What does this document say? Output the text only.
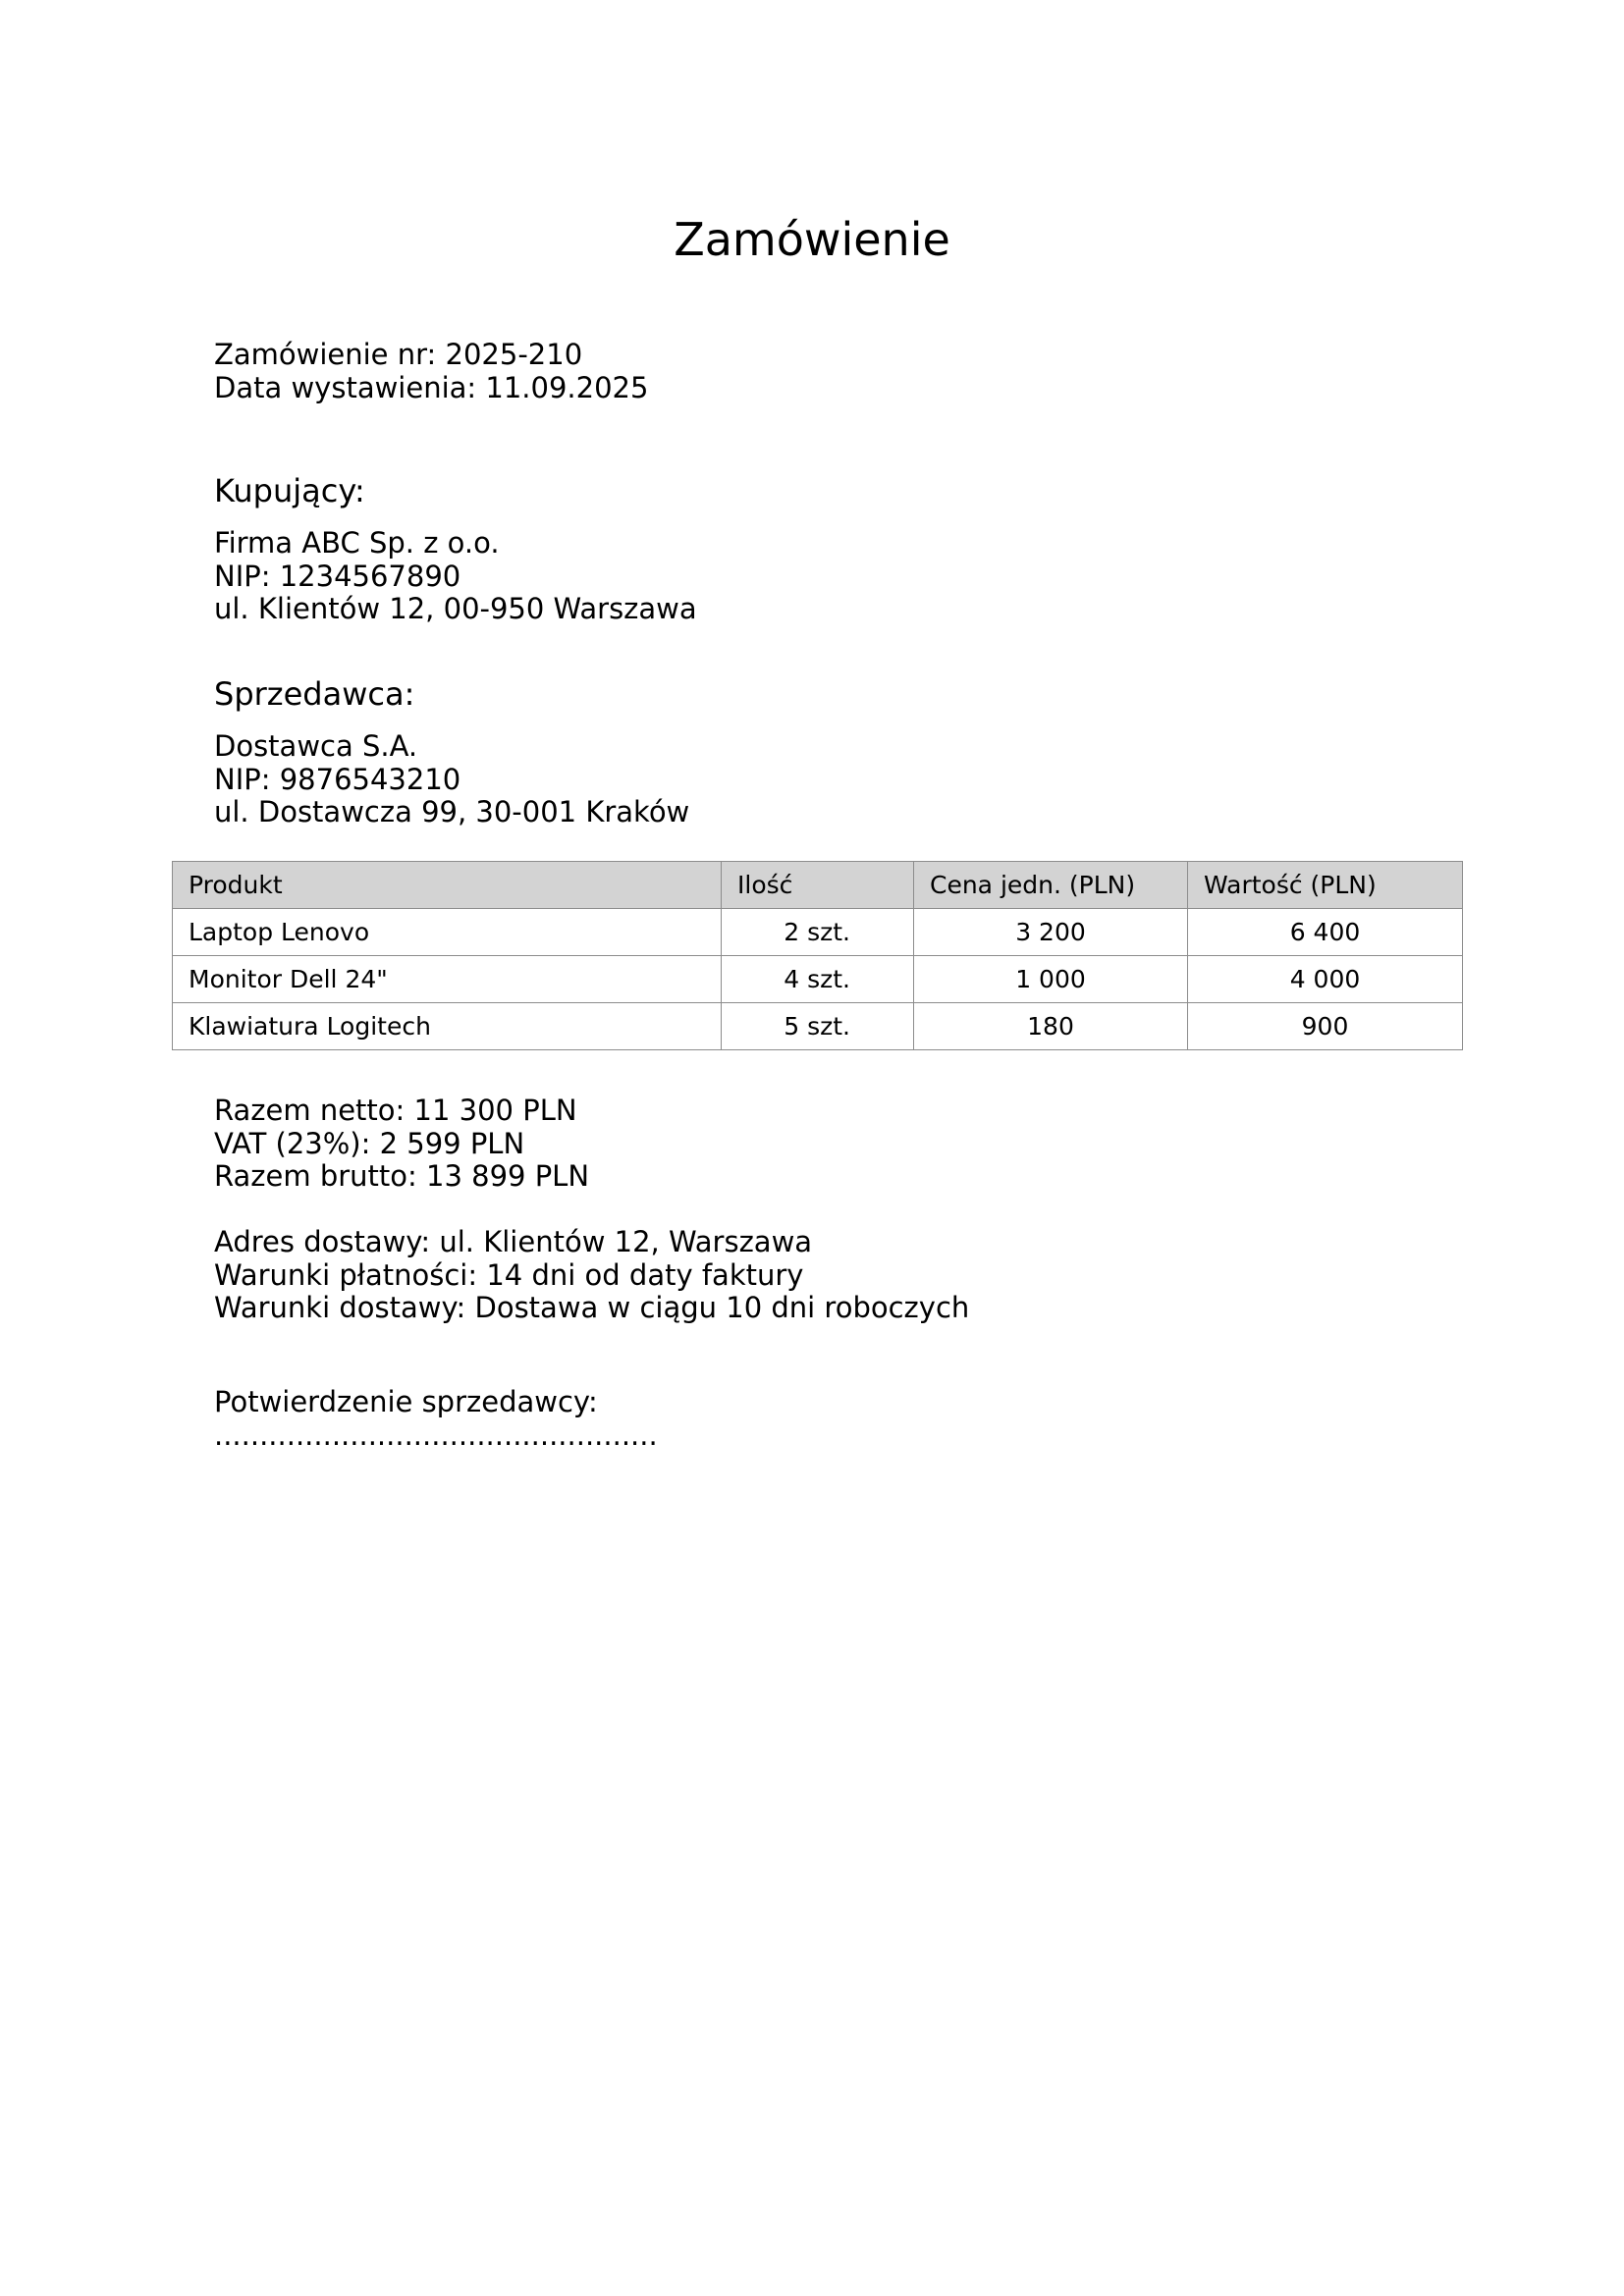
Zamówienie
Zamówienie nr: 2025-210
Data wystawienia: 11.09.2025
Kupujący:
Firma ABC Sp. z o.o.
NIP: 1234567890
ul. Klientów 12, 00-950 Warszawa
Sprzedawca:
Dostawca S.A.
NIP: 9876543210
ul. Dostawcza 99, 30-001 Kraków
Produkt	Ilość	Cena jedn. (PLN)	Wartość (PLN)
Laptop Lenovo	2 szt.	3 200	6 400
Monitor Dell 24"	4 szt.	1 000	4 000
Klawiatura Logitech	5 szt.	180	900
Razem netto: 11 300 PLN
VAT (23%): 2 599 PLN
Razem brutto: 13 899 PLN
Adres dostawy: ul. Klientów 12, Warszawa
Warunki płatności: 14 dni od daty faktury
Warunki dostawy: Dostawa w ciągu 10 dni roboczych
Potwierdzenie sprzedawcy:
.................................................
